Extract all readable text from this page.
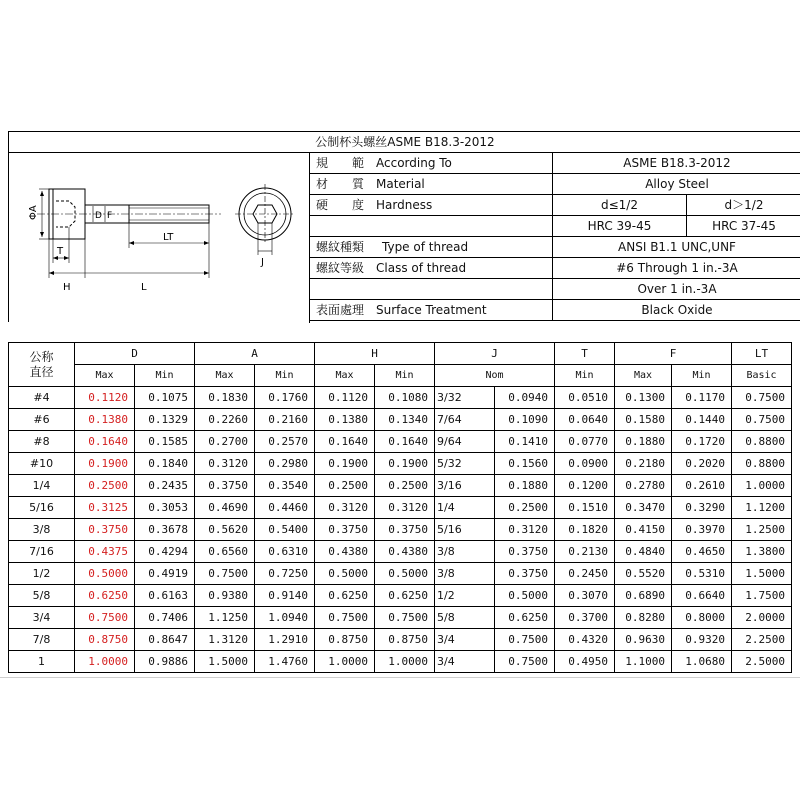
公制杯头螺丝ASME B18.3-2012
ΦA	D F
T
H
LT
L
J
規　　範 According To	ASME B18.3-2012
材　　質 Material	Alloy Steel
硬　　度 Hardness	d≤1/2	d＞1/2
HRC 39-45	HRC 37-45
螺紋種類 Type of thread	ANSI B1.1 UNC,UNF
螺紋等級 Class of thread	#6 Through 1 in.-3A
Over 1 in.-3A
表面處理 Surface Treatment	Black Oxide
公称
直径	D		A		H		J		T	F		LT
	Max	Min	Max	Min	Max	Min	Nom		Min	Max	Min	Basic
#4	0.1120	0.1075	0.1830	0.1760	0.1120	0.1080	3/32	0.0940	0.0510	0.1300	0.1170	0.7500
#6	0.1380	0.1329	0.2260	0.2160	0.1380	0.1340	7/64	0.1090	0.0640	0.1580	0.1440	0.7500
#8	0.1640	0.1585	0.2700	0.2570	0.1640	0.1640	9/64	0.1410	0.0770	0.1880	0.1720	0.8800
#10	0.1900	0.1840	0.3120	0.2980	0.1900	0.1900	5/32	0.1560	0.0900	0.2180	0.2020	0.8800
1/4	0.2500	0.2435	0.3750	0.3540	0.2500	0.2500	3/16	0.1880	0.1200	0.2780	0.2610	1.0000
5/16	0.3125	0.3053	0.4690	0.4460	0.3120	0.3120	1/4	0.2500	0.1510	0.3470	0.3290	1.1200
3/8	0.3750	0.3678	0.5620	0.5400	0.3750	0.3750	5/16	0.3120	0.1820	0.4150	0.3970	1.2500
7/16	0.4375	0.4294	0.6560	0.6310	0.4380	0.4380	3/8	0.3750	0.2130	0.4840	0.4650	1.3800
1/2	0.5000	0.4919	0.7500	0.7250	0.5000	0.5000	3/8	0.3750	0.2450	0.5520	0.5310	1.5000
5/8	0.6250	0.6163	0.9380	0.9140	0.6250	0.6250	1/2	0.5000	0.3070	0.6890	0.6640	1.7500
3/4	0.7500	0.7406	1.1250	1.0940	0.7500	0.7500	5/8	0.6250	0.3700	0.8280	0.8000	2.0000
7/8	0.8750	0.8647	1.3120	1.2910	0.8750	0.8750	3/4	0.7500	0.4320	0.9630	0.9320	2.2500
1	1.0000	0.9886	1.5000	1.4760	1.0000	1.0000	3/4	0.7500	0.4950	1.1000	1.0680	2.5000
